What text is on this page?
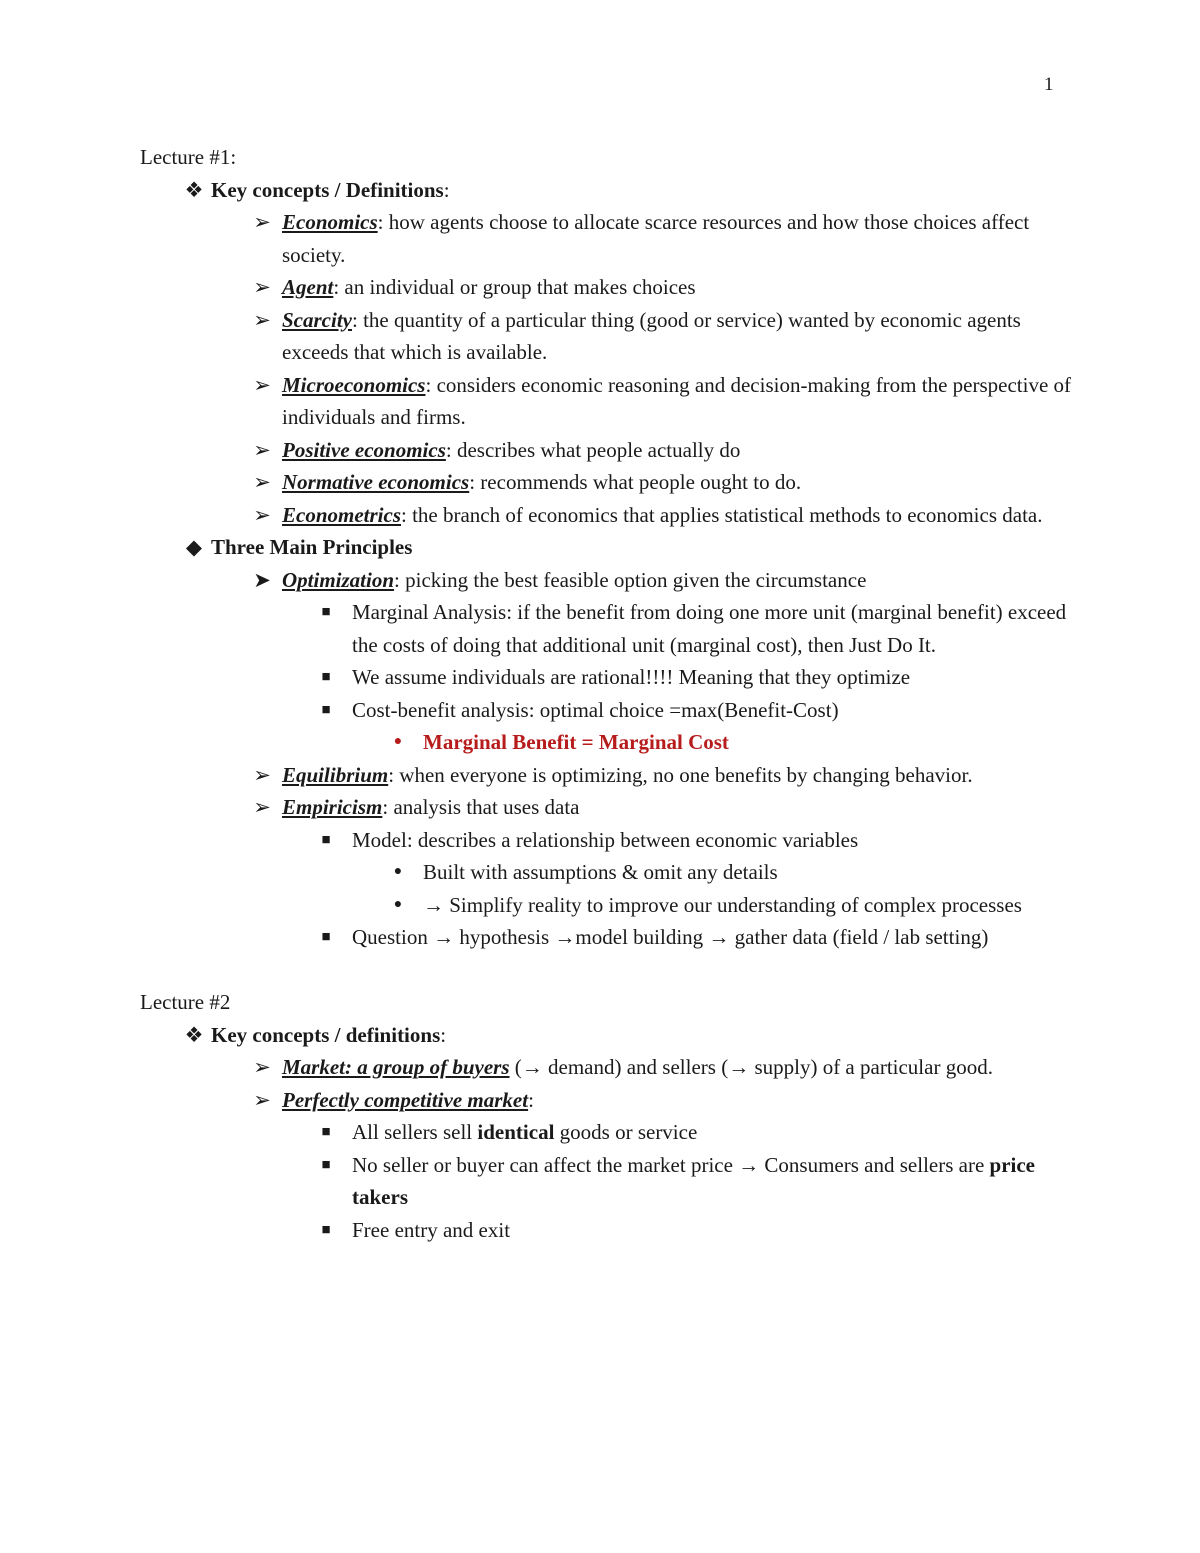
1
Lecture #1:
❖ Key concepts / Definitions:
➢ Economics: how agents choose to allocate scarce resources and how those choices affect society.
➢ Agent: an individual or group that makes choices
➢ Scarcity: the quantity of a particular thing (good or service) wanted by economic agents exceeds that which is available.
➢ Microeconomics: considers economic reasoning and decision-making from the perspective of individuals and firms.
➢ Positive economics: describes what people actually do
➢ Normative economics: recommends what people ought to do.
➢ Econometrics: the branch of economics that applies statistical methods to economics data.
◆ Three Main Principles
➤ Optimization: picking the best feasible option given the circumstance
■	Marginal Analysis: if the benefit from doing one more unit (marginal benefit) exceed the costs of doing that additional unit (marginal cost), then Just Do It.
■	We assume individuals are rational!!!! Meaning that they optimize
■	Cost-benefit analysis: optimal choice =max(Benefit-Cost)
● Marginal Benefit = Marginal Cost
➢ Equilibrium: when everyone is optimizing, no one benefits by changing behavior.
➢ Empiricism: analysis that uses data
■	Model: describes a relationship between economic variables
● Built with assumptions & omit any details
● → Simplify reality to improve our understanding of complex processes
■	Question → hypothesis →model building → gather data (field / lab setting)
Lecture #2
❖ Key concepts / definitions:
➢ Market: a group of buyers (→ demand) and sellers (→ supply) of a particular good.
➢ Perfectly competitive market:
■	All sellers sell identical goods or service
■	No seller or buyer can affect the market price → Consumers and sellers are price takers
■	Free entry and exit
